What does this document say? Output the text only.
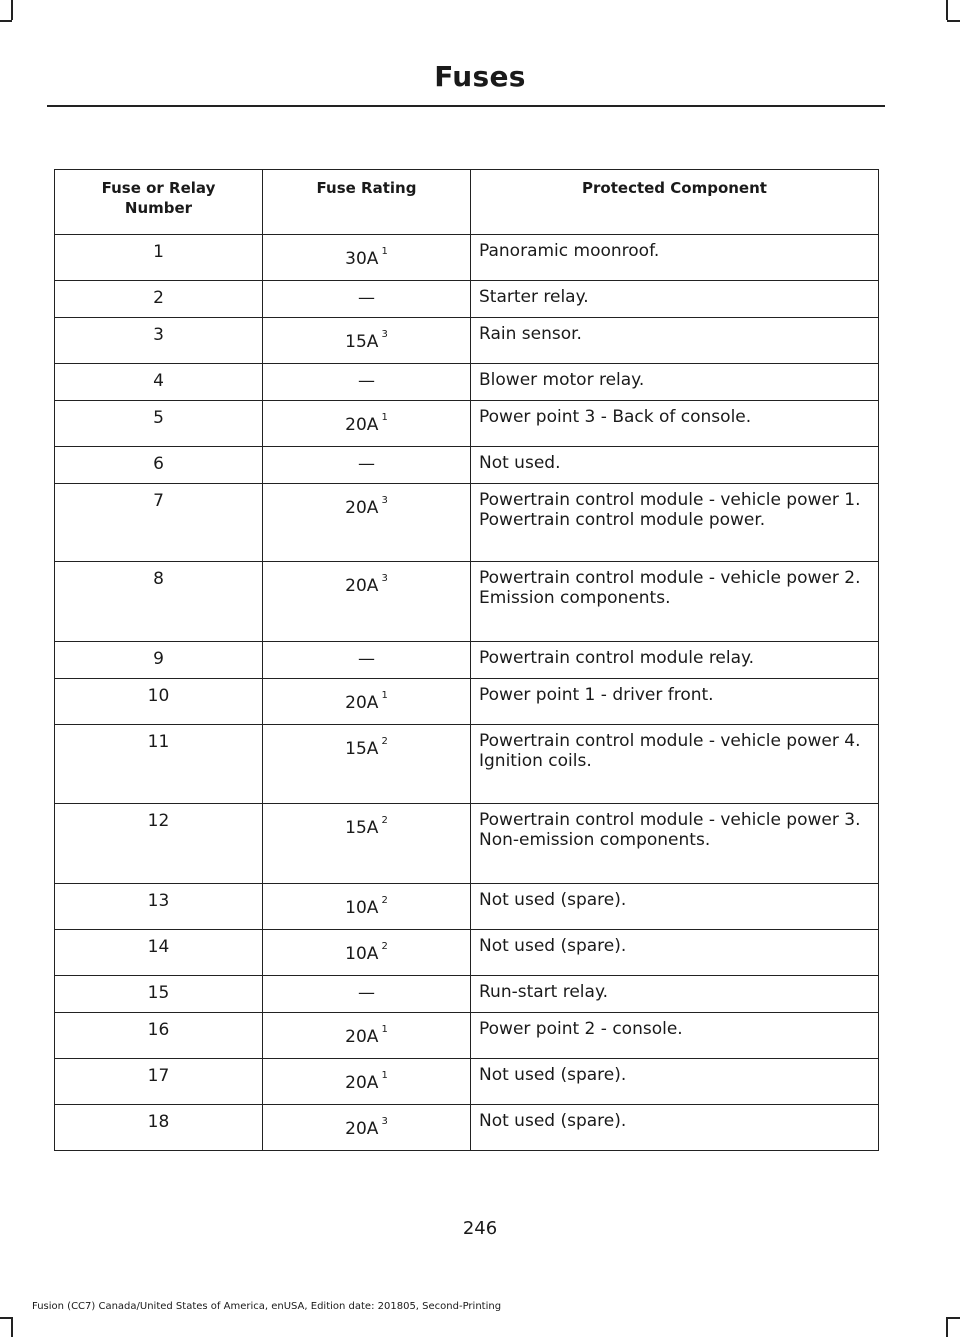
Fuses
Fuse or Relay Number	Fuse Rating	Protected Component
1	30A $^1$	Panoramic moonroof.

2	—	Starter relay.

3	15A $^3$	Rain sensor.

4	—	Blower motor relay.

5	20A $^1$	Power point 3 - Back of console.

6	—	Not used.

7	20A $^3$	Powertrain control module - vehicle power 1.
Powertrain control module power.

8	20A $^3$	Powertrain control module - vehicle power 2.
Emission components.

9	—	Powertrain control module relay.

10	20A $^1$	Power point 1 - driver front.

11	15A $^2$	Powertrain control module - vehicle power 4.
Ignition coils.

12	15A $^2$	Powertrain control module - vehicle power 3.
Non-emission components.

13	10A $^2$	Not used (spare).

14	10A $^2$	Not used (spare).

15	—	Run-start relay.

16	20A $^1$	Power point 2 - console.

17	20A $^1$	Not used (spare).

18	20A $^3$	Not used (spare).
246
Fusion (CC7) Canada/United States of America, enUSA, Edition date: 201805, Second-Printing
